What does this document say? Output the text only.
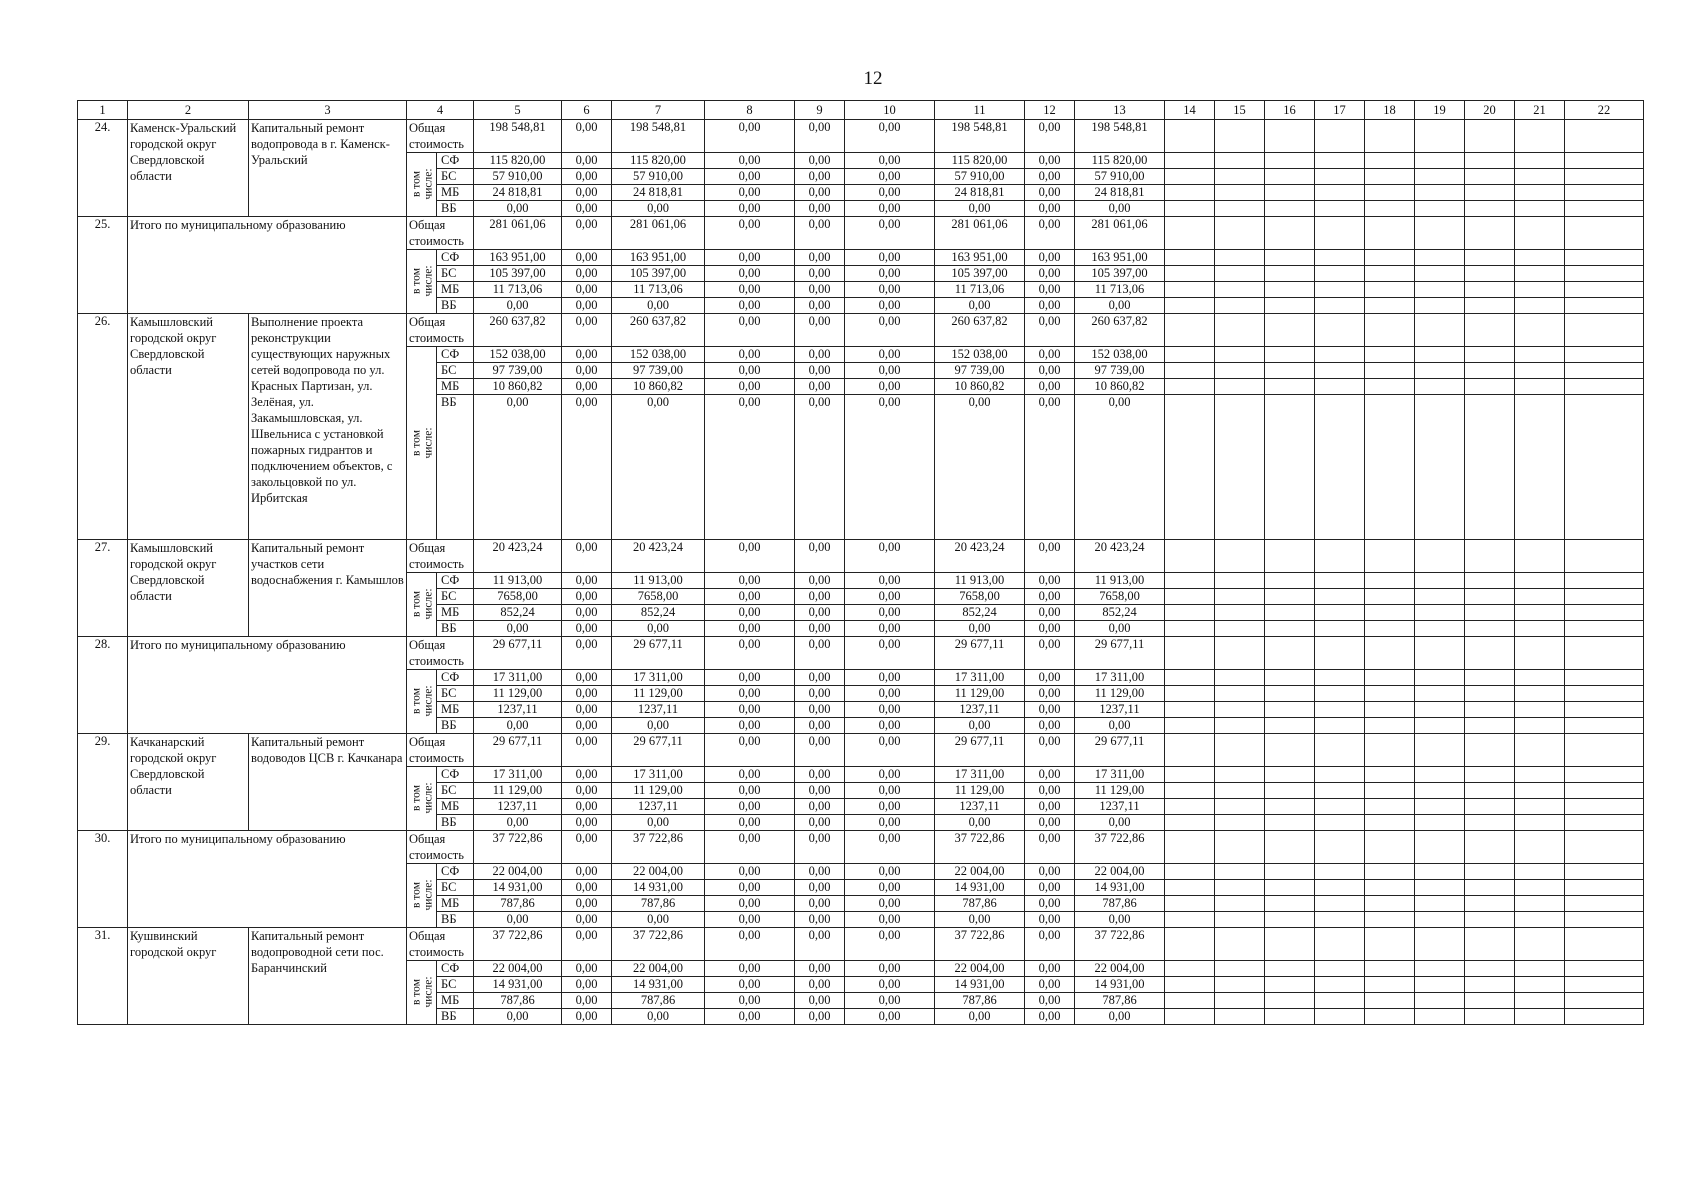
12
1	2	3	4		5	6	7	8	9	10	11	12	13	14	15	16	17	18	19	20	21	22
24.	Каменск-Уральский городской округ Свердловской области	Капитальный ремонт водопровода в г. Каменск-Уральский	Общая стоимость		198 548,81	0,00	198 548,81	0,00	0,00	0,00	198 548,81	0,00	198 548,81									
			в том
числе:	СФ	115 820,00	0,00	115 820,00	0,00	0,00	0,00	115 820,00	0,00	115 820,00									
				БС	57 910,00	0,00	57 910,00	0,00	0,00	0,00	57 910,00	0,00	57 910,00									
				МБ	24 818,81	0,00	24 818,81	0,00	0,00	0,00	24 818,81	0,00	24 818,81									
				ВБ	0,00	0,00	0,00	0,00	0,00	0,00	0,00	0,00	0,00									
25.	Итого по муниципальному образованию		Общая стоимость		281 061,06	0,00	281 061,06	0,00	0,00	0,00	281 061,06	0,00	281 061,06									
			в том
числе:	СФ	163 951,00	0,00	163 951,00	0,00	0,00	0,00	163 951,00	0,00	163 951,00									
				БС	105 397,00	0,00	105 397,00	0,00	0,00	0,00	105 397,00	0,00	105 397,00									
				МБ	11 713,06	0,00	11 713,06	0,00	0,00	0,00	11 713,06	0,00	11 713,06									
				ВБ	0,00	0,00	0,00	0,00	0,00	0,00	0,00	0,00	0,00									
26.	Камышловский городской округ Свердловской области	Выполнение проекта реконструкции существующих наружных сетей водопровода по ул. Красных Партизан, ул. Зелёная, ул. Закамышловская, ул. Швельниса с установкой пожарных гидрантов и подключением объектов, с закольцовкой по ул. Ирбитская	Общая стоимость		260 637,82	0,00	260 637,82	0,00	0,00	0,00	260 637,82	0,00	260 637,82									
			в том
числе:	СФ	152 038,00	0,00	152 038,00	0,00	0,00	0,00	152 038,00	0,00	152 038,00									
				БС	97 739,00	0,00	97 739,00	0,00	0,00	0,00	97 739,00	0,00	97 739,00									
				МБ	10 860,82	0,00	10 860,82	0,00	0,00	0,00	10 860,82	0,00	10 860,82									
				ВБ	0,00	0,00	0,00	0,00	0,00	0,00	0,00	0,00	0,00									
27.	Камышловский городской округ Свердловской области	Капитальный ремонт участков сети водоснабжения г. Камышлов	Общая стоимость		20 423,24	0,00	20 423,24	0,00	0,00	0,00	20 423,24	0,00	20 423,24									
			в том
числе:	СФ	11 913,00	0,00	11 913,00	0,00	0,00	0,00	11 913,00	0,00	11 913,00									
				БС	7658,00	0,00	7658,00	0,00	0,00	0,00	7658,00	0,00	7658,00									
				МБ	852,24	0,00	852,24	0,00	0,00	0,00	852,24	0,00	852,24									
				ВБ	0,00	0,00	0,00	0,00	0,00	0,00	0,00	0,00	0,00									
28.	Итого по муниципальному образованию		Общая стоимость		29 677,11	0,00	29 677,11	0,00	0,00	0,00	29 677,11	0,00	29 677,11									
			в том
числе:	СФ	17 311,00	0,00	17 311,00	0,00	0,00	0,00	17 311,00	0,00	17 311,00									
				БС	11 129,00	0,00	11 129,00	0,00	0,00	0,00	11 129,00	0,00	11 129,00									
				МБ	1237,11	0,00	1237,11	0,00	0,00	0,00	1237,11	0,00	1237,11									
				ВБ	0,00	0,00	0,00	0,00	0,00	0,00	0,00	0,00	0,00									
29.	Качканарский городской округ Свердловской области	Капитальный ремонт водоводов ЦСВ г. Качканара	Общая стоимость		29 677,11	0,00	29 677,11	0,00	0,00	0,00	29 677,11	0,00	29 677,11									
			в том
числе:	СФ	17 311,00	0,00	17 311,00	0,00	0,00	0,00	17 311,00	0,00	17 311,00									
				БС	11 129,00	0,00	11 129,00	0,00	0,00	0,00	11 129,00	0,00	11 129,00									
				МБ	1237,11	0,00	1237,11	0,00	0,00	0,00	1237,11	0,00	1237,11									
				ВБ	0,00	0,00	0,00	0,00	0,00	0,00	0,00	0,00	0,00									
30.	Итого по муниципальному образованию		Общая стоимость		37 722,86	0,00	37 722,86	0,00	0,00	0,00	37 722,86	0,00	37 722,86									
			в том
числе:	СФ	22 004,00	0,00	22 004,00	0,00	0,00	0,00	22 004,00	0,00	22 004,00									
				БС	14 931,00	0,00	14 931,00	0,00	0,00	0,00	14 931,00	0,00	14 931,00									
				МБ	787,86	0,00	787,86	0,00	0,00	0,00	787,86	0,00	787,86									
				ВБ	0,00	0,00	0,00	0,00	0,00	0,00	0,00	0,00	0,00									
31.	Кушвинский городской округ	Капитальный ремонт водопроводной сети пос. Баранчинский	Общая стоимость		37 722,86	0,00	37 722,86	0,00	0,00	0,00	37 722,86	0,00	37 722,86									
			в том
числе:	СФ	22 004,00	0,00	22 004,00	0,00	0,00	0,00	22 004,00	0,00	22 004,00									
				БС	14 931,00	0,00	14 931,00	0,00	0,00	0,00	14 931,00	0,00	14 931,00									
				МБ	787,86	0,00	787,86	0,00	0,00	0,00	787,86	0,00	787,86									
				ВБ	0,00	0,00	0,00	0,00	0,00	0,00	0,00	0,00	0,00									
